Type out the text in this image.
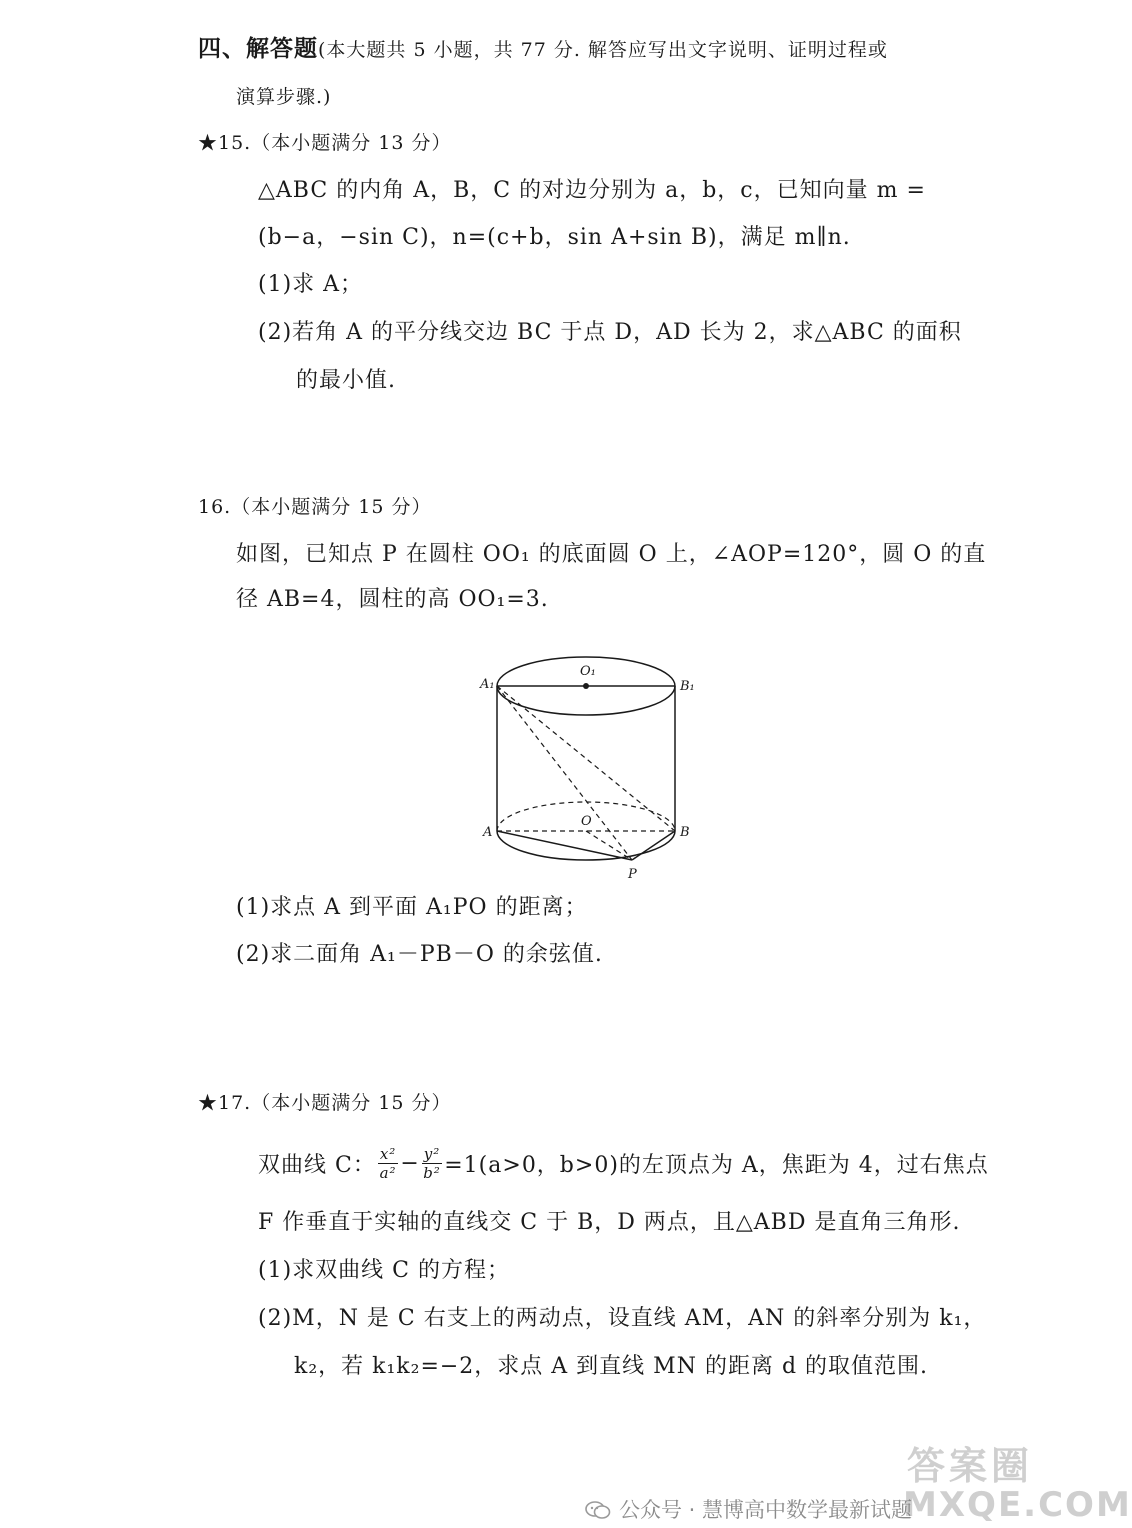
四、解答题(本大题共 5 小题，共 77 分. 解答应写出文字说明、证明过程或
演算步骤.)
★15.（本小题满分 13 分）
△ABC 的内角 A，B，C 的对边分别为 a，b，c，已知向量 m =
(b−a，−sin C)，n=(c+b，sin A+sin B)，满足 m∥n.
(1)求 A；
(2)若角 A 的平分线交边 BC 于点 D，AD 长为 2，求△ABC 的面积
的最小值.
16.（本小题满分 15 分）
如图，已知点 P 在圆柱 OO₁ 的底面圆 O 上，∠AOP=120°，圆 O 的直
径 AB=4，圆柱的高 OO₁=3.
O₁
A₁	B₁
O
A	B
P
(1)求点 A 到平面 A₁PO 的距离；
(2)求二面角 A₁－PB－O 的余弦值.
★17.（本小题满分 15 分）
双曲线 C： $\frac{\text{x²}}{\text{a²}} - \frac{\text{y²}}{\text{b²}} =1(a>0$，b>0)的左顶点为 A，焦距为 4，过右焦点
F 作垂直于实轴的直线交 C 于 B，D 两点，且△ABD 是直角三角形.
(1)求双曲线 C 的方程；
(2)M，N 是 C 右支上的两动点，设直线 AM，AN 的斜率分别为 k₁，
k₂，若 k₁k₂=−2，求点 A 到直线 MN 的距离 d 的取值范围.
答案圈
MXQE.COM
公众号 · 慧博高中数学最新试题
